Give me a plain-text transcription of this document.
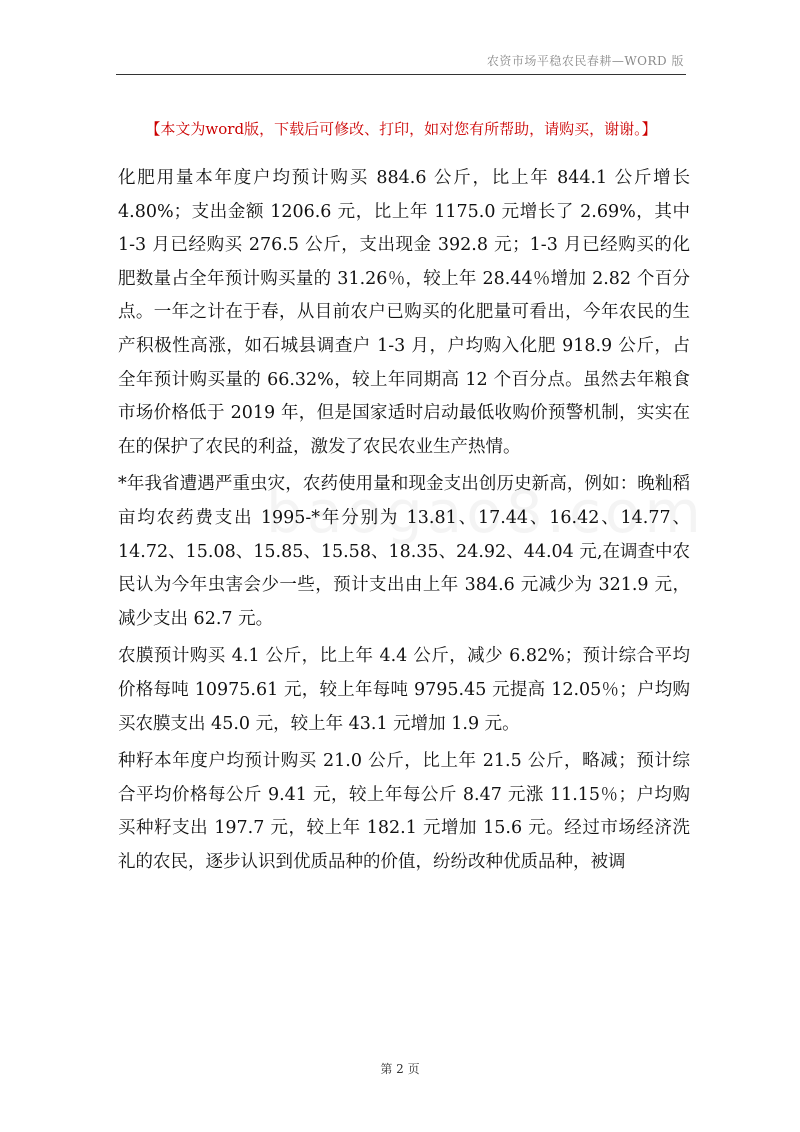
农资市场平稳农民春耕—WORD 版
【本文为word版，下载后可修改、打印，如对您有所帮助，请购买，谢谢。】

化肥用量本年度户均预计购买 884.6 公斤，比上年 844.1 公斤增长 4.80%；支出金额 1206.6 元，比上年 1175.0 元增长了 2.69%，其中 1-3 月已经购买 276.5 公斤，支出现金 392.8 元；1-3 月已经购买的化肥数量占全年预计购买量的 31.26％，较上年 28.44％增加 2.82 个百分点。一年之计在于春，从目前农户已购买的化肥量可看出，今年农民的生产积极性高涨，如石城县调查户 1-3 月，户均购入化肥 918.9 公斤，占全年预计购买量的 66.32%，较上年同期高 12 个百分点。虽然去年粮食市场价格低于 2019 年，但是国家适时启动最低收购价预警机制，实实在在的保护了农民的利益，激发了农民农业生产热情。

*年我省遭遇严重虫灾，农药使用量和现金支出创历史新高，例如：晚籼稻亩均农药费支出 1995-*年分别为 13.81、17.44、16.42、14.77、14.72、15.08、15.85、15.58、18.35、24.92、44.04 元,在调查中农民认为今年虫害会少一些，预计支出由上年 384.6 元减少为 321.9 元，减少支出 62.7 元。

农膜预计购买 4.1 公斤，比上年 4.4 公斤，减少 6.82%；预计综合平均价格每吨 10975.61 元，较上年每吨 9795.45 元提高 12.05％；户均购买农膜支出 45.0 元，较上年 43.1 元增加 1.9 元。

种籽本年度户均预计购买 21.0 公斤，比上年 21.5 公斤，略减；预计综合平均价格每公斤 9.41 元，较上年每公斤 8.47 元涨 11.15％；户均购买种籽支出 197.7 元，较上年 182.1 元增加 15.6 元。经过市场经济洗礼的农民，逐步认识到优质品种的价值，纷纷改种优质品种，被调

第 2 页
